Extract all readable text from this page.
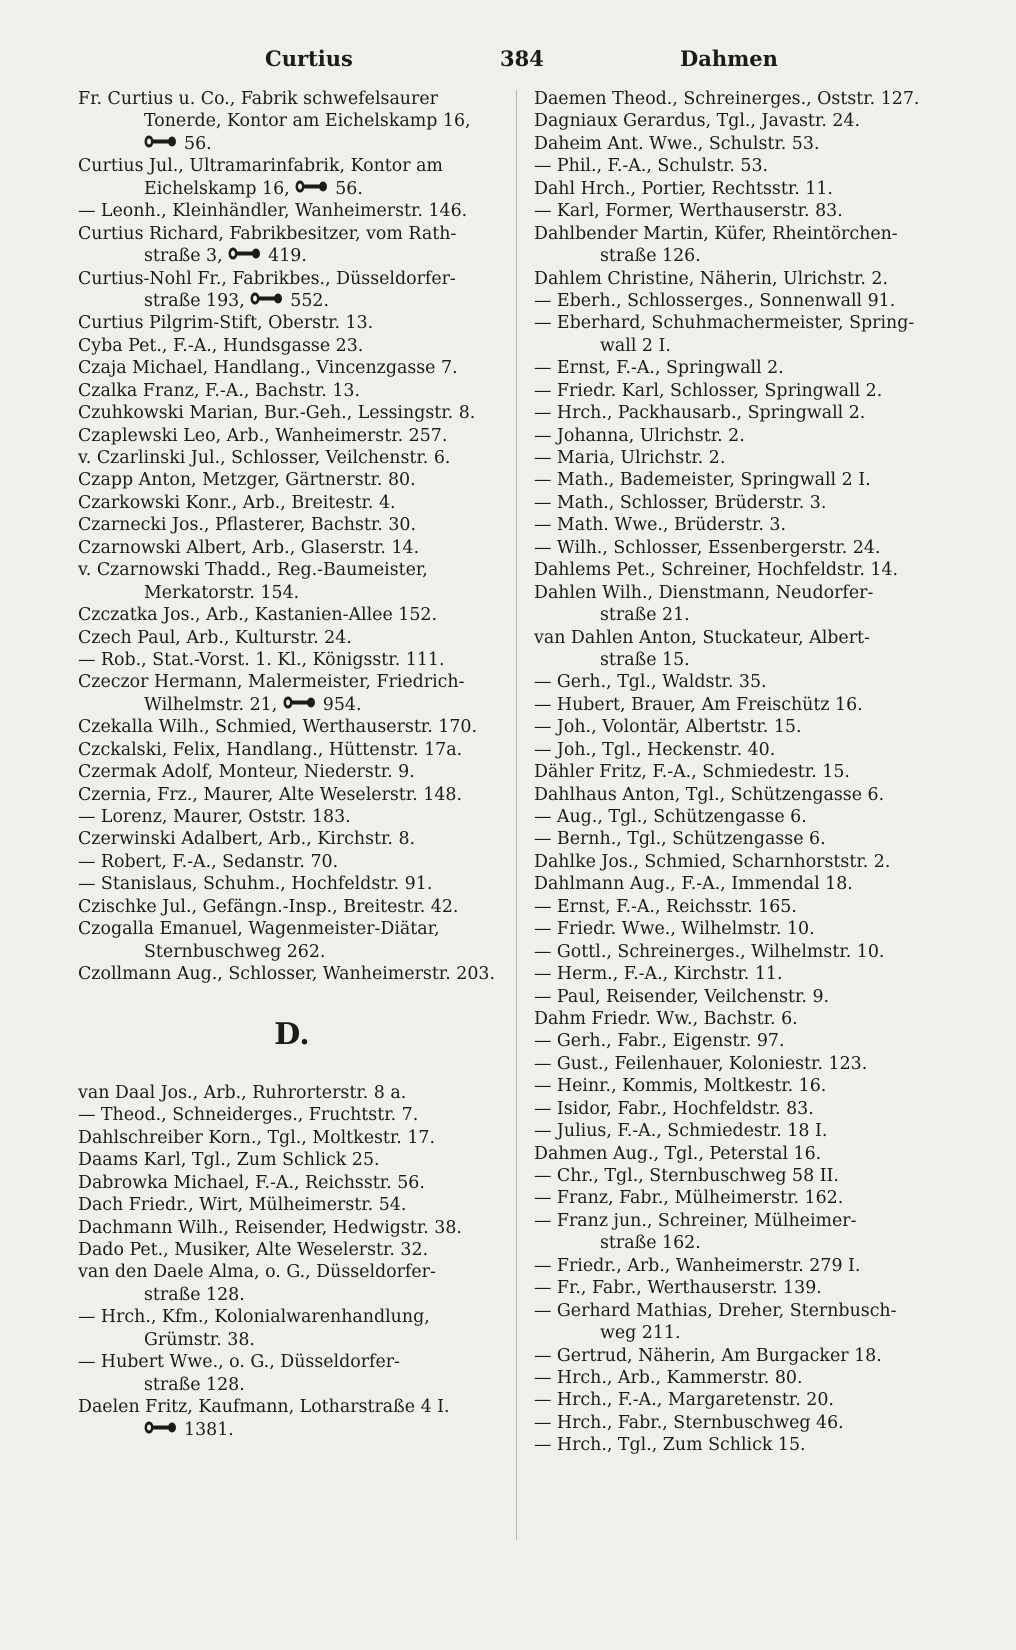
Curtius	384	Dahmen
Fr. Curtius u. Co., Fabrik schwefelsaurer
Tonerde, Kontor am Eichelskamp 16,
56.
Curtius Jul., Ultramarinfabrik, Kontor am
Eichelskamp 16, 56.
— Leonh., Kleinhändler, Wanheimerstr. 146.
Curtius Richard, Fabrikbesitzer, vom Rath-
straße 3, 419.
Curtius-Nohl Fr., Fabrikbes., Düsseldorfer-
straße 193, 552.
Curtius Pilgrim-Stift, Oberstr. 13.
Cyba Pet., F.-A., Hundsgasse 23.
Czaja Michael, Handlang., Vincenzgasse 7.
Czalka Franz, F.-A., Bachstr. 13.
Czuhkowski Marian, Bur.-Geh., Lessingstr. 8.
Czaplewski Leo, Arb., Wanheimerstr. 257.
v. Czarlinski Jul., Schlosser, Veilchenstr. 6.
Czapp Anton, Metzger, Gärtnerstr. 80.
Czarkowski Konr., Arb., Breitestr. 4.
Czarnecki Jos., Pflasterer, Bachstr. 30.
Czarnowski Albert, Arb., Glaserstr. 14.
v. Czarnowski Thadd., Reg.-Baumeister,
Merkatorstr. 154.
Czczatka Jos., Arb., Kastanien-Allee 152.
Czech Paul, Arb., Kulturstr. 24.
— Rob., Stat.-Vorst. 1. Kl., Königsstr. 111.
Czeczor Hermann, Malermeister, Friedrich-
Wilhelmstr. 21, 954.
Czekalla Wilh., Schmied, Werthauserstr. 170.
Czckalski, Felix, Handlang., Hüttenstr. 17a.
Czermak Adolf, Monteur, Niederstr. 9.
Czernia, Frz., Maurer, Alte Weselerstr. 148.
— Lorenz, Maurer, Oststr. 183.
Czerwinski Adalbert, Arb., Kirchstr. 8.
— Robert, F.-A., Sedanstr. 70.
— Stanislaus, Schuhm., Hochfeldstr. 91.
Czischke Jul., Gefängn.-Insp., Breitestr. 42.
Czogalla Emanuel, Wagenmeister-Diätar,
Sternbuschweg 262.
Czollmann Aug., Schlosser, Wanheimerstr. 203.
D.
van Daal Jos., Arb., Ruhrorterstr. 8 a.
— Theod., Schneiderges., Fruchtstr. 7.
Dahlschreiber Korn., Tgl., Moltkestr. 17.
Daams Karl, Tgl., Zum Schlick 25.
Dabrowka Michael, F.-A., Reichsstr. 56.
Dach Friedr., Wirt, Mülheimerstr. 54.
Dachmann Wilh., Reisender, Hedwigstr. 38.
Dado Pet., Musiker, Alte Weselerstr. 32.
van den Daele Alma, o. G., Düsseldorfer-
straße 128.
— Hrch., Kfm., Kolonialwarenhandlung,
Grümstr. 38.
— Hubert Wwe., o. G., Düsseldorfer-
straße 128.
Daelen Fritz, Kaufmann, Lotharstraße 4 I.
1381.
Daemen Theod., Schreinerges., Oststr. 127.
Dagniaux Gerardus, Tgl., Javastr. 24.
Daheim Ant. Wwe., Schulstr. 53.
— Phil., F.-A., Schulstr. 53.
Dahl Hrch., Portier, Rechtsstr. 11.
— Karl, Former, Werthauserstr. 83.
Dahlbender Martin, Küfer, Rheintörchen-
straße 126.
Dahlem Christine, Näherin, Ulrichstr. 2.
— Eberh., Schlosserges., Sonnenwall 91.
— Eberhard, Schuhmachermeister, Spring-
wall 2 I.
— Ernst, F.-A., Springwall 2.
— Friedr. Karl, Schlosser, Springwall 2.
— Hrch., Packhausarb., Springwall 2.
— Johanna, Ulrichstr. 2.
— Maria, Ulrichstr. 2.
— Math., Bademeister, Springwall 2 I.
— Math., Schlosser, Brüderstr. 3.
— Math. Wwe., Brüderstr. 3.
— Wilh., Schlosser, Essenbergerstr. 24.
Dahlems Pet., Schreiner, Hochfeldstr. 14.
Dahlen Wilh., Dienstmann, Neudorfer-
straße 21.
van Dahlen Anton, Stuckateur, Albert-
straße 15.
— Gerh., Tgl., Waldstr. 35.
— Hubert, Brauer, Am Freischütz 16.
— Joh., Volontär, Albertstr. 15.
— Joh., Tgl., Heckenstr. 40.
Dähler Fritz, F.-A., Schmiedestr. 15.
Dahlhaus Anton, Tgl., Schützengasse 6.
— Aug., Tgl., Schützengasse 6.
— Bernh., Tgl., Schützengasse 6.
Dahlke Jos., Schmied, Scharnhorststr. 2.
Dahlmann Aug., F.-A., Immendal 18.
— Ernst, F.-A., Reichsstr. 165.
— Friedr. Wwe., Wilhelmstr. 10.
— Gottl., Schreinerges., Wilhelmstr. 10.
— Herm., F.-A., Kirchstr. 11.
— Paul, Reisender, Veilchenstr. 9.
Dahm Friedr. Ww., Bachstr. 6.
— Gerh., Fabr., Eigenstr. 97.
— Gust., Feilenhauer, Koloniestr. 123.
— Heinr., Kommis, Moltkestr. 16.
— Isidor, Fabr., Hochfeldstr. 83.
— Julius, F.-A., Schmiedestr. 18 I.
Dahmen Aug., Tgl., Peterstal 16.
— Chr., Tgl., Sternbuschweg 58 II.
— Franz, Fabr., Mülheimerstr. 162.
— Franz jun., Schreiner, Mülheimer-
straße 162.
— Friedr., Arb., Wanheimerstr. 279 I.
— Fr., Fabr., Werthauserstr. 139.
— Gerhard Mathias, Dreher, Sternbusch-
weg 211.
— Gertrud, Näherin, Am Burgacker 18.
— Hrch., Arb., Kammerstr. 80.
— Hrch., F.-A., Margaretenstr. 20.
— Hrch., Fabr., Sternbuschweg 46.
— Hrch., Tgl., Zum Schlick 15.
